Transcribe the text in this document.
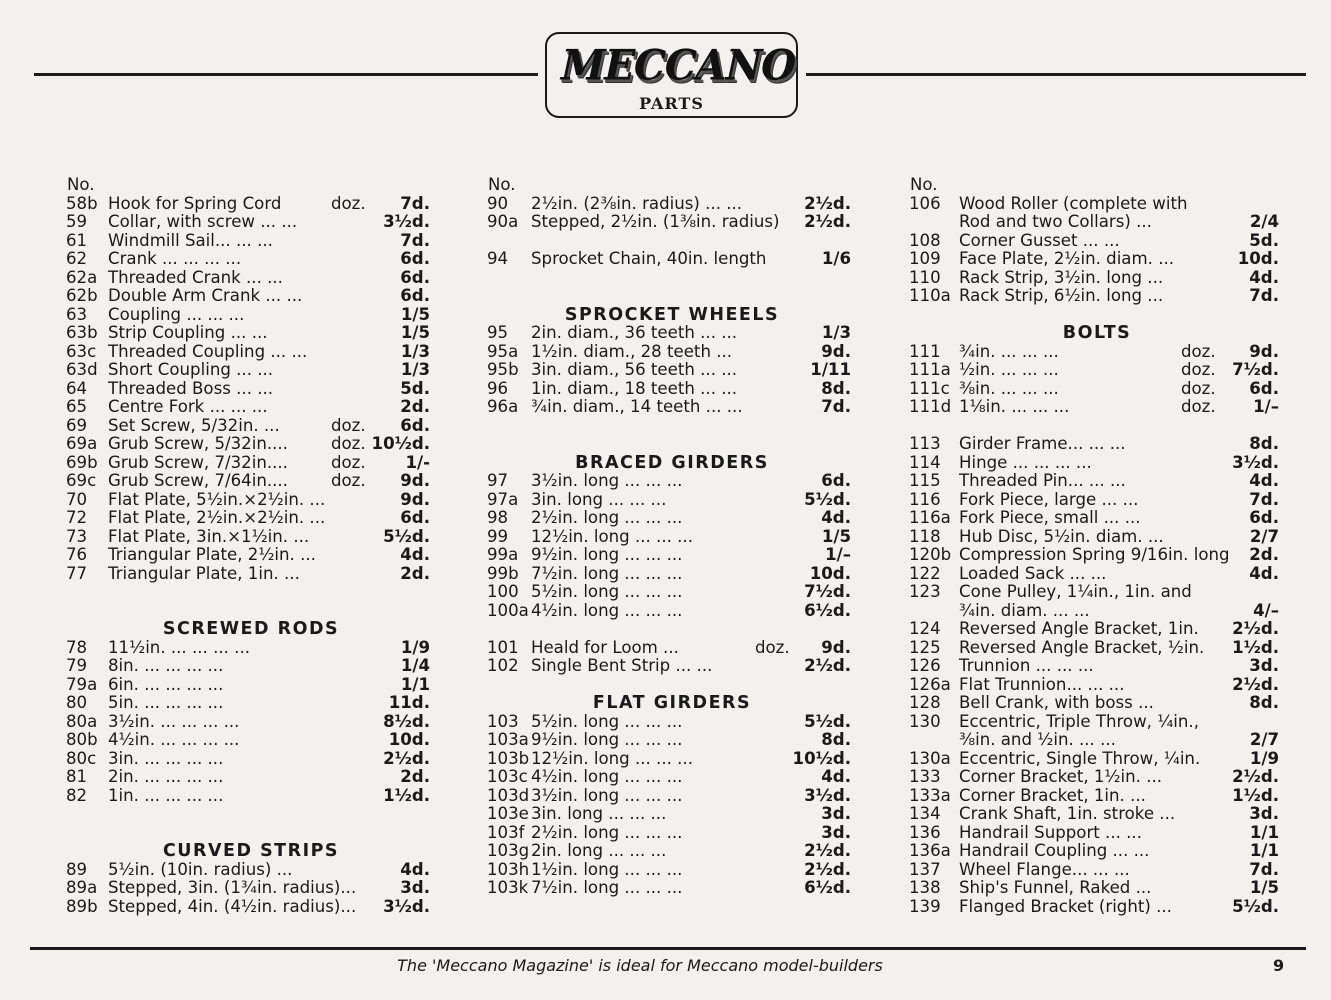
MECCANO
PARTS
No.
58b Hook for Spring Cord	doz. 7d.
59 Collar, with screw ... ...	3½d.
61 Windmill Sail... ... ...	7d.
62 Crank ... ... ... ...	6d.
62a Threaded Crank ... ...	6d.
62b Double Arm Crank ... ...	6d.
63 Coupling ... ... ...	1/5
63b Strip Coupling ... ...	1/5
63c Threaded Coupling ... ...	1/3
63d Short Coupling ... ...	1/3
64 Threaded Boss ... ...	5d.
65 Centre Fork ... ... ...	2d.
69 Set Screw, 5/32in. ...	doz. 6d.
69a Grub Screw, 5/32in....	doz. 10½d.
69b Grub Screw, 7/32in....	doz. 1/-
69c Grub Screw, 7/64in....	doz. 9d.
70 Flat Plate, 5½in.×2½in. ...	9d.
72 Flat Plate, 2½in.×2½in. ...	6d.
73 Flat Plate, 3in.×1½in. ...	5½d.
76 Triangular Plate, 2½in. ...	4d.
77 Triangular Plate, 1in. ...	2d.
SCREWED RODS
78 11½in. ... ... ... ...	1/9
79 8in. ... ... ... ...	1/4
79a 6in. ... ... ... ...	1/1
80 5in. ... ... ... ...	11d.
80a 3½in. ... ... ... ...	8½d.
80b 4½in. ... ... ... ...	10d.
80c 3in. ... ... ... ...	2½d.
81 2in. ... ... ... ...	2d.
82 1in. ... ... ... ...	1½d.
CURVED STRIPS
89 5½in. (10in. radius) ...	4d.
89a Stepped, 3in. (1¾in. radius)...	3d.
89b Stepped, 4in. (4½in. radius)... 3½d.
No.
90 2½in. (2⅜in. radius) ... ...	2½d.
90a Stepped, 2½in. (1⅜in. radius) 2½d.
94 Sprocket Chain, 40in. length	1/6
SPROCKET WHEELS
95 2in. diam., 36 teeth ... ...	1/3
95a 1½in. diam., 28 teeth ...	9d.
95b 3in. diam., 56 teeth ... ...	1/11
96 1in. diam., 18 teeth ... ...	8d.
96a ¾in. diam., 14 teeth ... ...	7d.
BRACED GIRDERS
97 3½in. long ... ... ...	6d.
97a 3in. long ... ... ...	5½d.
98 2½in. long ... ... ...	4d.
99 12½in. long ... ... ...	1/5
99a 9½in. long ... ... ...	1/–
99b 7½in. long ... ... ...	10d.
100 5½in. long ... ... ...	7½d.
100a 4½in. long ... ... ...	6½d.
101 Heald for Loom ...	doz. 9d.
102 Single Bent Strip ... ...	2½d.
FLAT GIRDERS
103 5½in. long ... ... ...	5½d.
103a 9½in. long ... ... ...	8d.
103b 12½in. long ... ... ...	10½d.
103c 4½in. long ... ... ...	4d.
103d 3½in. long ... ... ...	3½d.
103e 3in. long ... ... ...	3d.
103f 2½in. long ... ... ...	3d.
103g 2in. long ... ... ...	2½d.
103h 1½in. long ... ... ...	2½d.
103k 7½in. long ... ... ...	6½d.
No.
106 Wood Roller (complete with
Rod and two Collars) ...	2/4
108 Corner Gusset ... ...	5d.
109 Face Plate, 2½in. diam. ...	10d.
110 Rack Strip, 3½in. long ...	4d.
110a Rack Strip, 6½in. long ...	7d.
BOLTS
111 ¾in. ... ... ...	doz. 9d.
111a ½in. ... ... ...	doz. 7½d.
111c ⅜in. ... ... ...	doz. 6d.
111d 1⅛in. ... ... ...	doz. 1/–
113 Girder Frame... ... ...	8d.
114 Hinge ... ... ... ...	3½d.
115 Threaded Pin... ... ...	4d.
116 Fork Piece, large ... ...	7d.
116a Fork Piece, small ... ...	6d.
118 Hub Disc, 5½in. diam. ...	2/7
120b Compression Spring 9/16in. long 2d.
122 Loaded Sack ... ...	4d.
123 Cone Pulley, 1¼in., 1in. and
¾in. diam. ... ...	4/–
124 Reversed Angle Bracket, 1in. 2½d.
125 Reversed Angle Bracket, ½in. 1½d.
126 Trunnion ... ... ...	3d.
126a Flat Trunnion... ... ...	2½d.
128 Bell Crank, with boss ...	8d.
130 Eccentric, Triple Throw, ¼in.,
⅜in. and ½in. ... ...	2/7
130a Eccentric, Single Throw, ¼in.	1/9
133 Corner Bracket, 1½in. ...	2½d.
133a Corner Bracket, 1in. ...	1½d.
134 Crank Shaft, 1in. stroke ...	3d.
136 Handrail Support ... ...	1/1
136a Handrail Coupling ... ...	1/1
137 Wheel Flange... ... ...	7d.
138 Ship's Funnel, Raked ...	1/5
139 Flanged Bracket (right) ...	5½d.
The 'Meccano Magazine' is ideal for Meccano model-builders	9
